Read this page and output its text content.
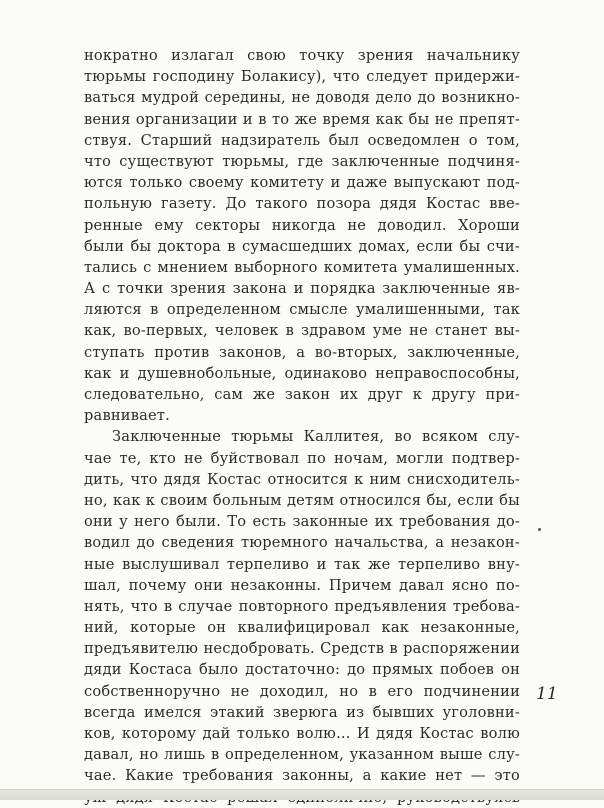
нократно излагал свою точку зрения начальнику
тюрьмы господину Болакису), что следует придержи-
ваться мудрой середины, не доводя дело до возникно-
вения организации и в то же время как бы не препят-
ствуя. Старший надзиратель был осведомлен о том,
что существуют тюрьмы, где заключенные подчиня-
ются только своему комитету и даже выпускают под-
польную газету. До такого позора дядя Костас вве-
ренные ему секторы никогда не доводил. Хороши
были бы доктора в сумасшедших домах, если бы счи-
тались с мнением выборного комитета умалишенных.
А с точки зрения закона и порядка заключенные яв-
ляются в определенном смысле умалишенными, так
как, во-первых, человек в здравом уме не станет вы-
ступать против законов, а во-вторых, заключенные,
как и душевнобольные, одинаково неправоспособны,
следовательно, сам же закон их друг к другу при-
равнивает.
Заключенные тюрьмы Каллитея, во всяком слу-
чае те, кто не буйствовал по ночам, могли подтвер-
дить, что дядя Костас относится к ним снисходитель-
но, как к своим больным детям относился бы, если бы
они у него были. То есть законные их требования до-
водил до сведения тюремного начальства, а незакон-
ные выслушивал терпеливо и так же терпеливо вну-
шал, почему они незаконны. Причем давал ясно по-
нять, что в случае повторного предъявления требова-
ний, которые он квалифицировал как незаконные,
предъявителю несдобровать. Средств в распоряжении
дяди Костаса было достаточно: до прямых побоев он
собственноручно не доходил, но в его подчинении
всегда имелся этакий зверюга из бывших уголовни-
ков, которому дай только волю... И дядя Костас волю
давал, но лишь в определенном, указанном выше слу-
чае. Какие требования законны, а какие нет — это
11
